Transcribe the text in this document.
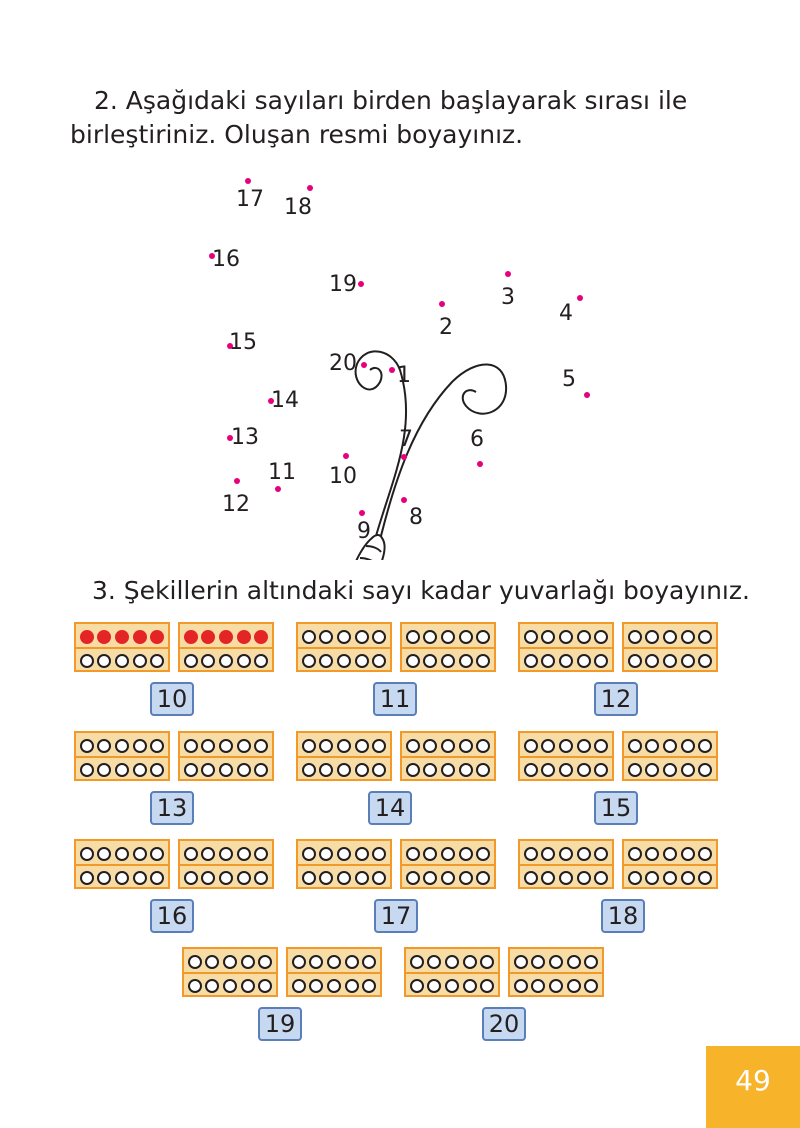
2. Aşağıdaki sayıları birden başlayarak sırası ile birleştiriniz. Oluşan resmi boyayınız.
1
2
3
4
5
6
7
8
9
10
11
12
13
14
15
16
17 18
19
20
3. Şekillerin altındaki sayı kadar yuvarlağı boyayınız.
10	11	12
13	14	15
16	17	18
19	20
49
